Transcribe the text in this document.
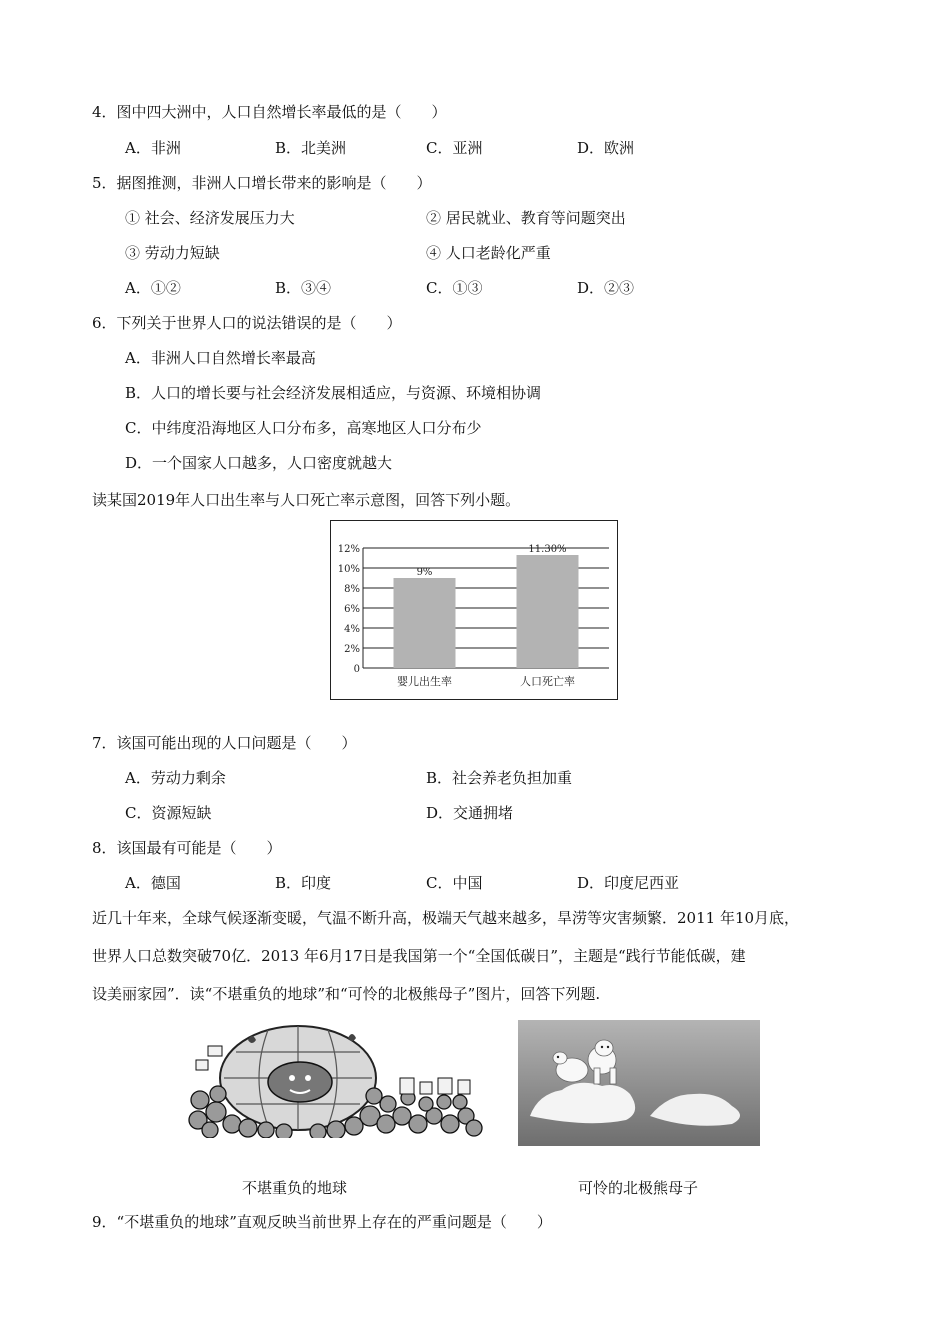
4．图中四大洲中，人口自然增长率最低的是（　　）
A．非洲	B．北美洲	C．亚洲	D．欧洲
5．据图推测，非洲人口增长带来的影响是（　　）
① 社会、经济发展压力大	② 居民就业、教育等问题突出
③ 劳动力短缺	④ 人口老龄化严重
A．①②	B．③④	C．①③	D．②③
6．下列关于世界人口的说法错误的是（　　）
A．非洲人口自然增长率最高
B．人口的增长要与社会经济发展相适应，与资源、环境相协调
C．中纬度沿海地区人口分布多，高寒地区人口分布少
D．一个国家人口越多，人口密度就越大
读某国2019年人口出生率与人口死亡率示意图，回答下列小题。
0
2%
4%
6%
8%
10%
12%
9%
婴儿出生率
11.30%
人口死亡率
7．该国可能出现的人口问题是（　　）
A．劳动力剩余	B．社会养老负担加重
C．资源短缺	D．交通拥堵
8．该国最有可能是（　　）
A．德国	B．印度	C．中国	D．印度尼西亚
近几十年来，全球气候逐渐变暖，气温不断升高，极端天气越来越多，旱涝等灾害频繁．2011 年10月底，
世界人口总数突破70亿．2013 年6月17日是我国第一个“全国低碳日”，主题是“践行节能低碳，建
设美丽家园”．读“不堪重负的地球”和“可怜的北极熊母子”图片，回答下列题.
不堪重负的地球	可怜的北极熊母子
9．“不堪重负的地球”直观反映当前世界上存在的严重问题是（　　）
